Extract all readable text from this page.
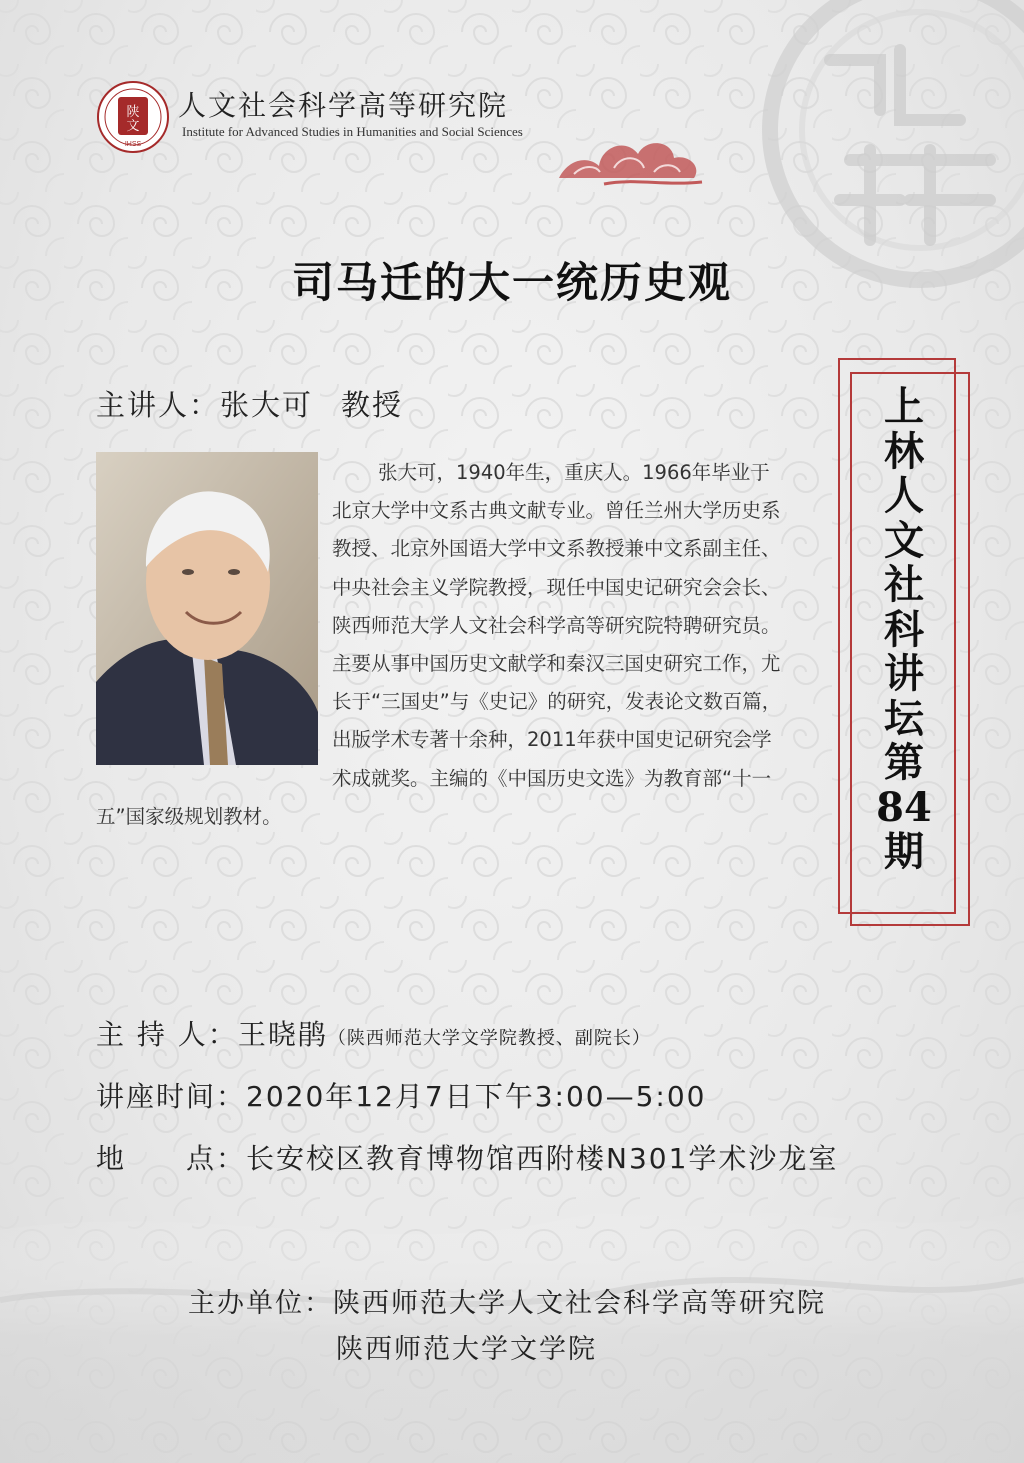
陕
文
IHSS
人文社会科学高等研究院
Institute for Advanced Studies in Humanities and Social Sciences
司马迁的大一统历史观
主讲人：张大可 教授
张大可，1940年生，重庆人。1966年毕业于北京大学中文系古典文献专业。曾任兰州大学历史系教授、北京外国语大学中文系教授兼中文系副主任、中央社会主义学院教授，现任中国史记研究会会长、陕西师范大学人文社会科学高等研究院特聘研究员。主要从事中国历史文献学和秦汉三国史研究工作，尤长于“三国史”与《史记》的研究，发表论文数百篇，出版学术专著十余种，2011年获中国史记研究会学术成就奖。主编的《中国历史文选》为教育部“十一五”国家级规划教材。
上
林
人
文
社
科
讲
坛
第
84
期
主 持 人：王晓鹃（陕西师范大学文学院教授、副院长）
讲座时间：2020年12月7日下午3:00—5:00
地　　点：长安校区教育博物馆西附楼N301学术沙龙室
主办单位：陕西师范大学人文社会科学高等研究院
陕西师范大学文学院
